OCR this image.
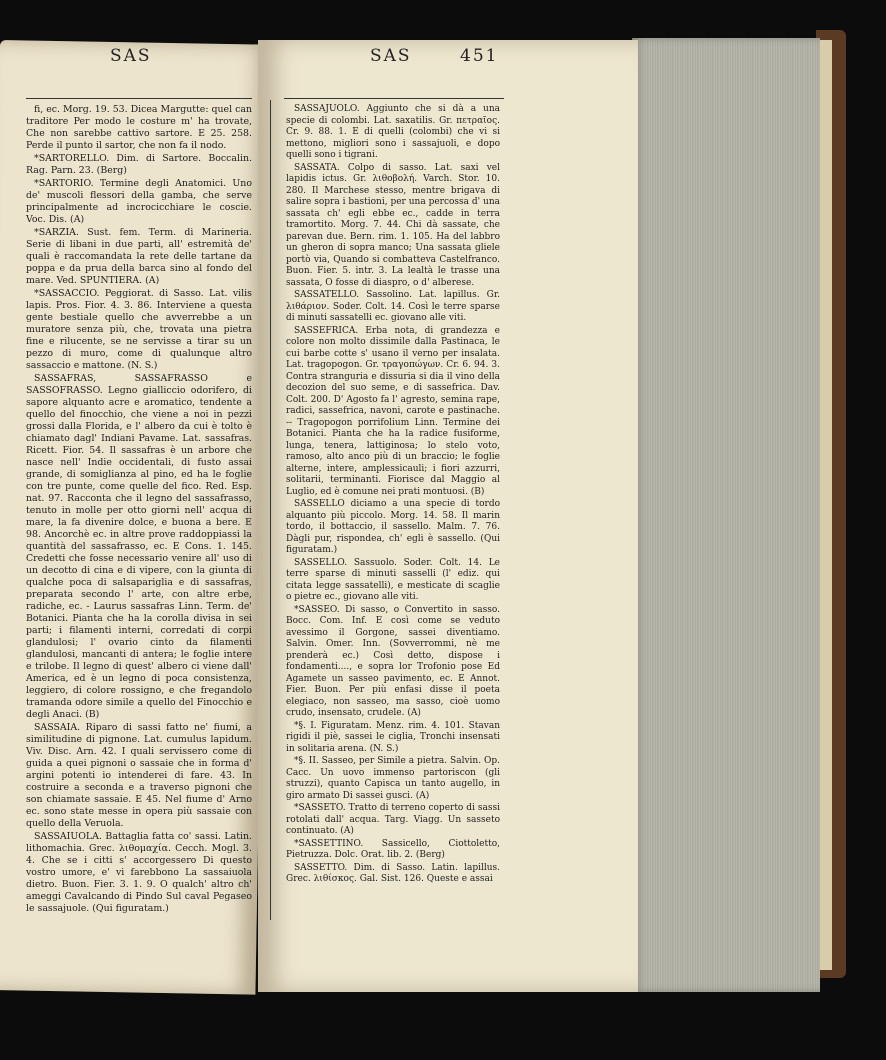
SAS	SAS	451

fi, ec. Morg. 19. 53. Dicea Margutte: quel can traditore Per modo le costure m' ha trovate, Che non sarebbe cattivo sartore. E 25. 258. Perde il punto il sartor, che non fa il nodo.

*SARTORELLO. Dim. di Sartore. Boccalin. Rag. Parn. 23. (Berg)

*SARTORIO. Termine degli Anatomici. Uno de' muscoli flessori della gamba, che serve principalmente ad incrocicchiare le coscie. Voc. Dis. (A)

*SARZIA. Sust. fem. Term. di Marineria. Serie di libani in due parti, all' estremità de' quali è raccomandata la rete delle tartane da poppa e da prua della barca sino al fondo del mare. Ved. SPUNTIERA. (A)

*SASSACCIO. Peggiorat. di Sasso. Lat. vilis lapis. Pros. Fior. 4. 3. 86. Interviene a questa gente bestiale quello che avverrebbe a un muratore senza più, che, trovata una pietra fine e rilucente, se ne servisse a tirar su un pezzo di muro, come di qualunque altro sassaccio e mattone. (N. S.)

SASSAFRAS, SASSAFRASSO e SASSOFRASSO. Legno gialliccio odorifero, di sapore alquanto acre e aromatico, tendente a quello del finocchio, che viene a noi in pezzi grossi dalla Florida, e l' albero da cui è tolto è chiamato dagl' Indiani Pavame. Lat. sassafras. Ricett. Fior. 54. Il sassafras è un arbore che nasce nell' Indie occidentali, di fusto assai grande, di somiglianza al pino, ed ha le foglie con tre punte, come quelle del fico. Red. Esp. nat. 97. Racconta che il legno del sassafrasso, tenuto in molle per otto giorni nell' acqua di mare, la fa divenire dolce, e buona a bere. E 98. Ancorchè ec. in altre prove raddoppiassi la quantità del sassafrasso, ec. E Cons. 1. 145. Credetti che fosse necessario venire all' uso di un decotto di cina e di vipere, con la giunta di qualche poca di salsapariglia e di sassafras, preparata secondo l' arte, con altre erbe, radiche, ec. - Laurus sassafras Linn. Term. de' Botanici. Pianta che ha la corolla divisa in sei parti; i filamenti interni, corredati di corpi glandulosi; l' ovario cinto da filamenti glandulosi, mancanti di antera; le foglie intere e trilobe. Il legno di quest' albero ci viene dall' America, ed è un legno di poca consistenza, leggiero, di colore rossigno, e che fregandolo tramanda odore simile a quello del Finocchio e degli Anaci. (B)

SASSAIA. Riparo di sassi fatto ne' fiumi, a similitudine di pignone. Lat. cumulus lapidum. Viv. Disc. Arn. 42. I quali servissero come di guida a quei pignoni o sassaie che in forma d' argini potenti io intenderei di fare. 43. In costruire a seconda e a traverso pignoni che son chiamate sassaie. E 45. Nel fiume d' Arno ec. sono state messe in opera più sassaie con quello della Veruola.

SASSAIUOLA. Battaglia fatta co' sassi. Latin. lithomachia. Grec. λιθομαχία. Cecch. Mogl. 3. 4. Che se i citti s' accorgessero Di questo vostro umore, e' vi farebbono La sassaiuola dietro. Buon. Fier. 3. 1. 9. O qualch' altro ch' ameggi Cavalcando di Pindo Sul caval Pegaseo le sassajuole. (Qui figuratam.)

SASSAJUOLO. Aggiunto che si dà a una specie di colombi. Lat. saxatilis. Gr. πετραῖος. Cr. 9. 88. 1. E di quelli (colombi) che vi si mettono, migliori sono i sassajuoli, e dopo quelli sono i tigrani.

SASSATA. Colpo di sasso. Lat. saxi vel lapidis ictus. Gr. λιθοβολή. Varch. Stor. 10. 280. Il Marchese stesso, mentre brigava di salire sopra i bastioni, per una percossa d' una sassata ch' egli ebbe ec., cadde in terra tramortito. Morg. 7. 44. Chi dà sassate, che parevan due. Bern. rim. 1. 105. Ha del labbro un gheron di sopra manco; Una sassata gliele portò via, Quando si combatteva Castelfranco. Buon. Fier. 5. intr. 3. La lealtà le trasse una sassata, O fosse di diaspro, o d' alberese.

SASSATELLO. Sassolino. Lat. lapillus. Gr. λιθάριον. Soder. Colt. 14. Così le terre sparse di minuti sassatelli ec. giovano alle viti.

SASSEFRICA. Erba nota, di grandezza e colore non molto dissimile dalla Pastinaca, le cui barbe cotte s' usano il verno per insalata. Lat. tragopogon. Gr. τραγοπώγων. Cr. 6. 94. 3. Contra stranguria e dissuria si dia il vino della decozion del suo seme, e di sassefrica. Dav. Colt. 200. D' Agosto fa l' agresto, semina rape, radici, sassefrica, navoni, carote e pastinache. -- Tragopogon porrifolium Linn. Termine dei Botanici. Pianta che ha la radice fusiforme, lunga, tenera, lattiginosa; lo stelo voto, ramoso, alto anco più di un braccio; le foglie alterne, intere, amplessicauli; i fiori azzurri, solitarii, terminanti. Fiorisce dal Maggio al Luglio, ed è comune nei prati montuosi. (B)

SASSELLO diciamo a una specie di tordo alquanto più piccolo. Morg. 14. 58. Il marin tordo, il bottaccio, il sassello. Malm. 7. 76. Dàgli pur, rispondea, ch' egli è sassello. (Qui figuratam.)

SASSELLO. Sassuolo. Soder. Colt. 14. Le terre sparse di minuti sasselli (l' ediz. qui citata legge sassatelli), e mesticate di scaglie o pietre ec., giovano alle viti.

*SASSEO. Di sasso, o Convertito in sasso. Bocc. Com. Inf. E così come se veduto avessimo il Gorgone, sassei diventiamo. Salvin. Omer. Inn. (Sovverrommi, nè me prenderà ec.) Così detto, dispose i fondamenti...., e sopra lor Trofonio pose Ed Agamete un sasseo pavimento, ec. E Annot. Fier. Buon. Per più enfasi disse il poeta elegiaco, non sasseo, ma sasso, cioè uomo crudo, insensato, crudele. (A)

*§. I. Figuratam. Menz. rim. 4. 101. Stavan rigidi il piè, sassei le ciglia, Tronchi insensati in solitaria arena. (N. S.)

*§. II. Sasseo, per Simile a pietra. Salvin. Op. Cacc. Un uovo immenso partoriscon (gli struzzi), quanto Capisca un tanto augello, in giro armato Di sassei gusci. (A)

*SASSETO. Tratto di terreno coperto di sassi rotolati dall' acqua. Targ. Viagg. Un sasseto continuato. (A)

*SASSETTINO. Sassicello, Ciottoletto, Pietruzza. Dolc. Orat. lib. 2. (Berg)

SASSETTO. Dim. di Sasso. Latin. lapillus. Grec. λιθίσκος. Gal. Sist. 126. Queste e assai
